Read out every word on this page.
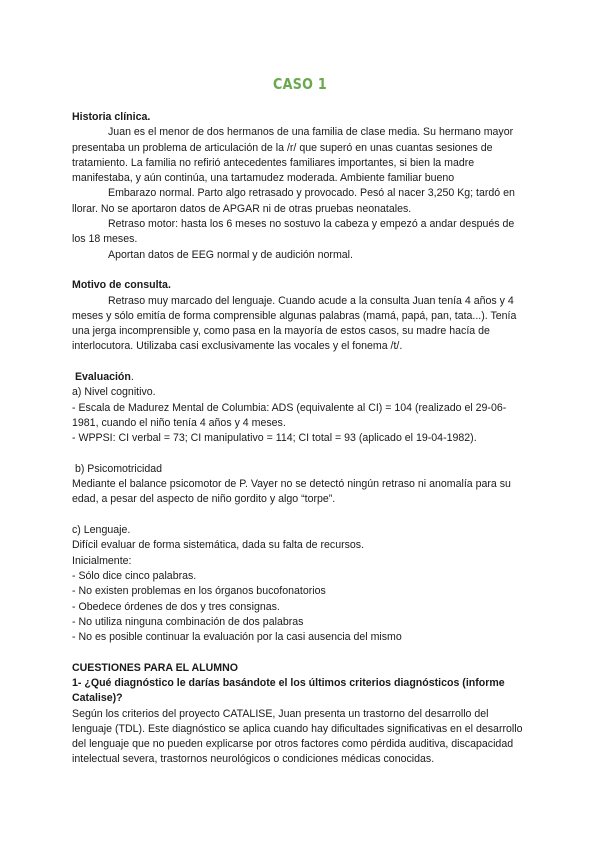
CASO 1

Historia clínica.

Juan es el menor de dos hermanos de una familia de clase media. Su hermano mayor presentaba un problema de articulación de la /r/ que superó en unas cuantas sesiones de tratamiento. La familia no refirió antecedentes familiares importantes, si bien la madre manifestaba, y aún continúa, una tartamudez moderada. Ambiente familiar bueno

Embarazo normal. Parto algo retrasado y provocado. Pesó al nacer 3,250 Kg; tardó en llorar. No se aportaron datos de APGAR ni de otras pruebas neonatales.

Retraso motor: hasta los 6 meses no sostuvo la cabeza y empezó a andar después de los 18 meses.

Aportan datos de EEG normal y de audición normal.

Motivo de consulta.

Retraso muy marcado del lenguaje. Cuando acude a la consulta Juan tenía 4 años y 4 meses y sólo emitía de forma comprensible algunas palabras (mamá, papá, pan, tata...). Tenía una jerga incomprensible y, como pasa en la mayoría de estos casos, su madre hacía de interlocutora. Utilizaba casi exclusivamente las vocales y el fonema /t/.

Evaluación.

a) Nivel cognitivo.

- Escala de Madurez Mental de Columbia: ADS (equivalente al CI) = 104 (realizado el 29-06-1981, cuando el niño tenía 4 años y 4 meses.

- WPPSI: CI verbal = 73; CI manipulativo = 114; CI total = 93 (aplicado el 19-04-1982).

b) Psicomotricidad

Mediante el balance psicomotor de P. Vayer no se detectó ningún retraso ni anomalía para su edad, a pesar del aspecto de niño gordito y algo “torpe”.

c) Lenguaje.

Difícil evaluar de forma sistemática, dada su falta de recursos.

Inicialmente:

- Sólo dice cinco palabras.

- No existen problemas en los órganos bucofonatorios

- Obedece órdenes de dos y tres consignas.

- No utiliza ninguna combinación de dos palabras

- No es posible continuar la evaluación por la casi ausencia del mismo

CUESTIONES PARA EL ALUMNO

1- ¿Qué diagnóstico le darías basándote el los últimos criterios diagnósticos (informe Catalise)?

Según los criterios del proyecto CATALISE, Juan presenta un trastorno del desarrollo del lenguaje (TDL). Este diagnóstico se aplica cuando hay dificultades significativas en el desarrollo del lenguaje que no pueden explicarse por otros factores como pérdida auditiva, discapacidad intelectual severa, trastornos neurológicos o condiciones médicas conocidas.
